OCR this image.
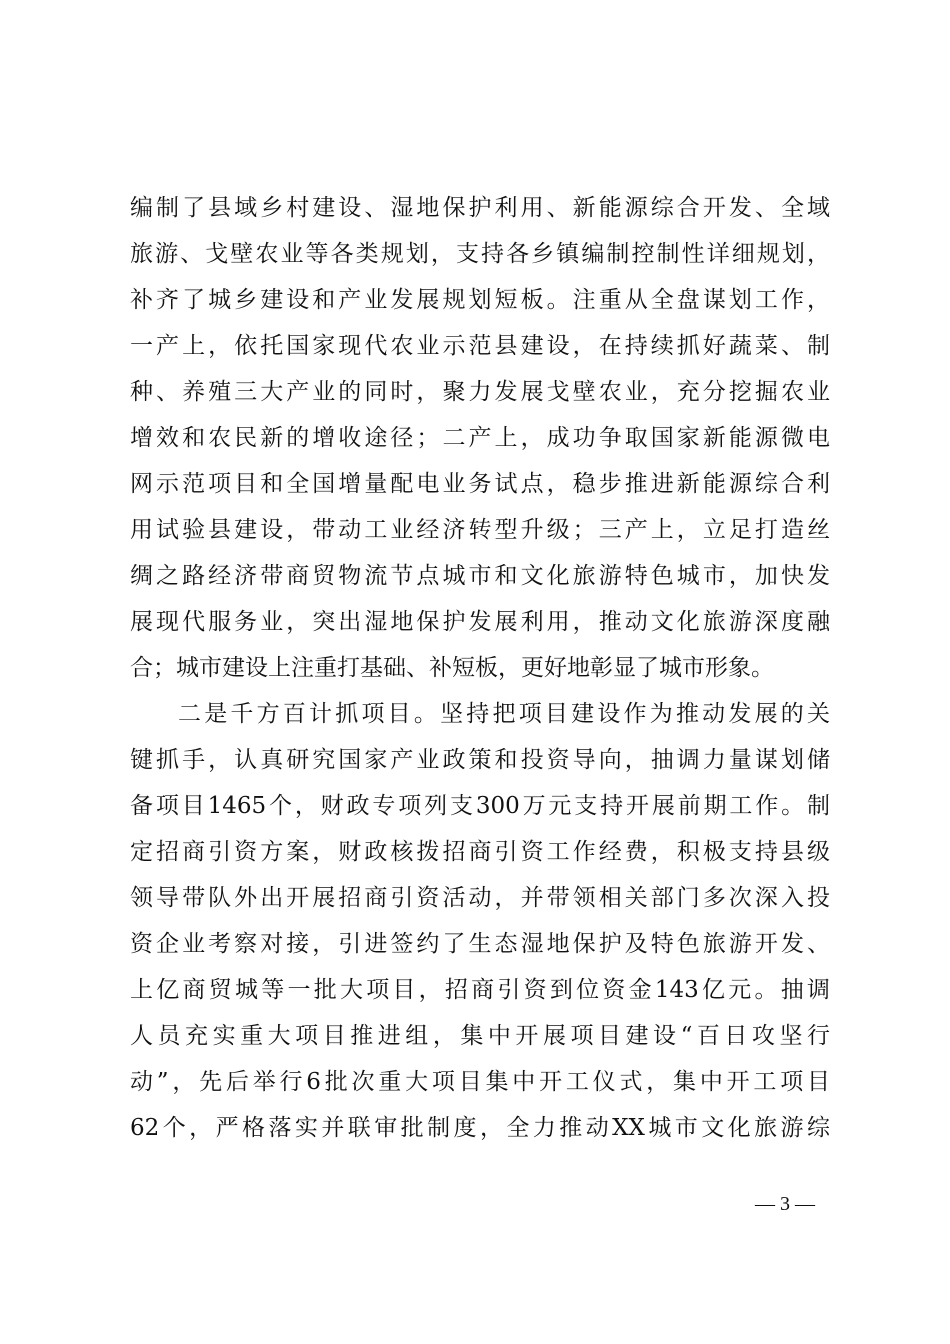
编制了县域乡村建设、湿地保护利用、新能源综合开发、全域
旅游、戈壁农业等各类规划，支持各乡镇编制控制性详细规划，
补齐了城乡建设和产业发展规划短板。注重从全盘谋划工作，
一产上，依托国家现代农业示范县建设，在持续抓好蔬菜、制
种、养殖三大产业的同时，聚力发展戈壁农业，充分挖掘农业
增效和农民新的增收途径；二产上，成功争取国家新能源微电
网示范项目和全国增量配电业务试点，稳步推进新能源综合利
用试验县建设，带动工业经济转型升级；三产上，立足打造丝
绸之路经济带商贸物流节点城市和文化旅游特色城市，加快发
展现代服务业，突出湿地保护发展利用，推动文化旅游深度融
合；城市建设上注重打基础、补短板，更好地彰显了城市形象。
二是千方百计抓项目。坚持把项目建设作为推动发展的关
键抓手，认真研究国家产业政策和投资导向，抽调力量谋划储
备项目1465个，财政专项列支300万元支持开展前期工作。制
定招商引资方案，财政核拨招商引资工作经费，积极支持县级
领导带队外出开展招商引资活动，并带领相关部门多次深入投
资企业考察对接，引进签约了生态湿地保护及特色旅游开发、
上亿商贸城等一批大项目，招商引资到位资金143亿元。抽调
人员充实重大项目推进组，集中开展项目建设“百日攻坚行
动”，先后举行6批次重大项目集中开工仪式，集中开工项目
62个，严格落实并联审批制度，全力推动XX城市文化旅游综
— 3 —
